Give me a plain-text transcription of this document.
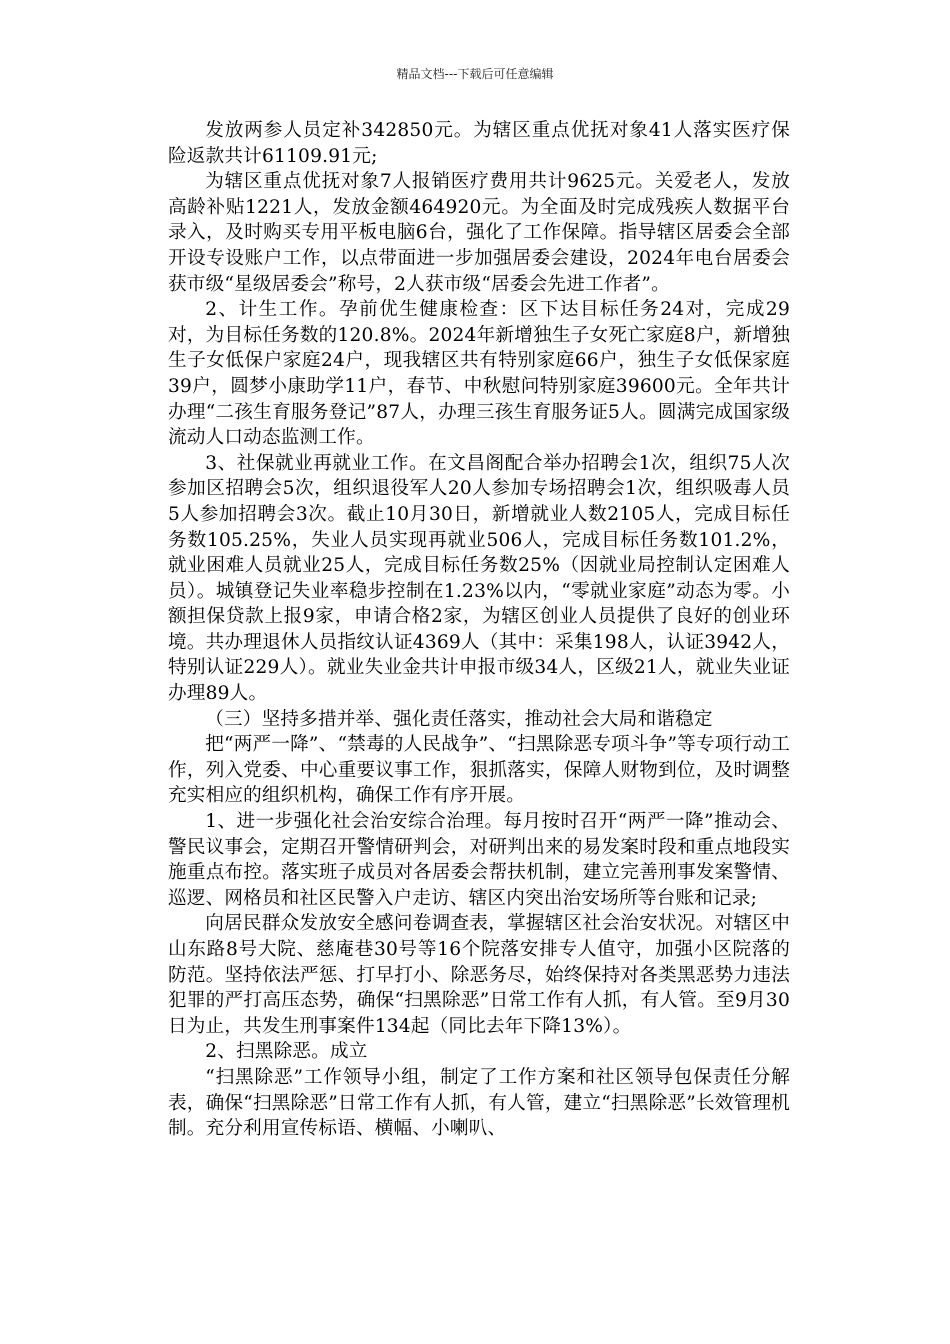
精品文档---下载后可任意编辑

发放两参人员定补342850元。为辖区重点优抚对象41人落实医疗保险返款共计61109.91元;

为辖区重点优抚对象7人报销医疗费用共计9625元。关爱老人，发放高龄补贴1221人，发放金额464920元。为全面及时完成残疾人数据平台录入，及时购买专用平板电脑6台，强化了工作保障。指导辖区居委会全部开设专设账户工作，以点带面进一步加强居委会建设，2024年电台居委会获市级“星级居委会”称号，2人获市级“居委会先进工作者”。

2、计生工作。孕前优生健康检查：区下达目标任务24对，完成29对，为目标任务数的120.8%。2024年新增独生子女死亡家庭8户，新增独生子女低保户家庭24户，现我辖区共有特别家庭66户，独生子女低保家庭39户，圆梦小康助学11户，春节、中秋慰问特别家庭39600元。全年共计办理“二孩生育服务登记”87人，办理三孩生育服务证5人。圆满完成国家级流动人口动态监测工作。

3、社保就业再就业工作。在文昌阁配合举办招聘会1次，组织75人次参加区招聘会5次，组织退役军人20人参加专场招聘会1次，组织吸毒人员5人参加招聘会3次。截止10月30日，新增就业人数2105人，完成目标任务数105.25%，失业人员实现再就业506人，完成目标任务数101.2%，就业困难人员就业25人，完成目标任务数25%（因就业局控制认定困难人员）。城镇登记失业率稳步控制在1.23%以内，“零就业家庭”动态为零。小额担保贷款上报9家，申请合格2家，为辖区创业人员提供了良好的创业环境。共办理退休人员指纹认证4369人（其中：采集198人，认证3942人，特别认证229人）。就业失业金共计申报市级34人，区级21人，就业失业证办理89人。

（三）坚持多措并举、强化责任落实，推动社会大局和谐稳定

把“两严一降”、“禁毒的人民战争”、“扫黑除恶专项斗争”等专项行动工作，列入党委、中心重要议事工作，狠抓落实，保障人财物到位，及时调整充实相应的组织机构，确保工作有序开展。

1、进一步强化社会治安综合治理。每月按时召开“两严一降”推动会、警民议事会，定期召开警情研判会，对研判出来的易发案时段和重点地段实施重点布控。落实班子成员对各居委会帮扶机制，建立完善刑事发案警情、巡逻、网格员和社区民警入户走访、辖区内突出治安场所等台账和记录;

向居民群众发放安全感问卷调查表，掌握辖区社会治安状况。对辖区中山东路8号大院、慈庵巷30号等16个院落安排专人值守，加强小区院落的防范。坚持依法严惩、打早打小、除恶务尽，始终保持对各类黑恶势力违法犯罪的严打高压态势，确保“扫黑除恶”日常工作有人抓，有人管。至9月30日为止，共发生刑事案件134起（同比去年下降13%）。

2、扫黑除恶。成立

“扫黑除恶”工作领导小组，制定了工作方案和社区领导包保责任分解表，确保“扫黑除恶”日常工作有人抓，有人管，建立“扫黑除恶”长效管理机制。充分利用宣传标语、横幅、小喇叭、
